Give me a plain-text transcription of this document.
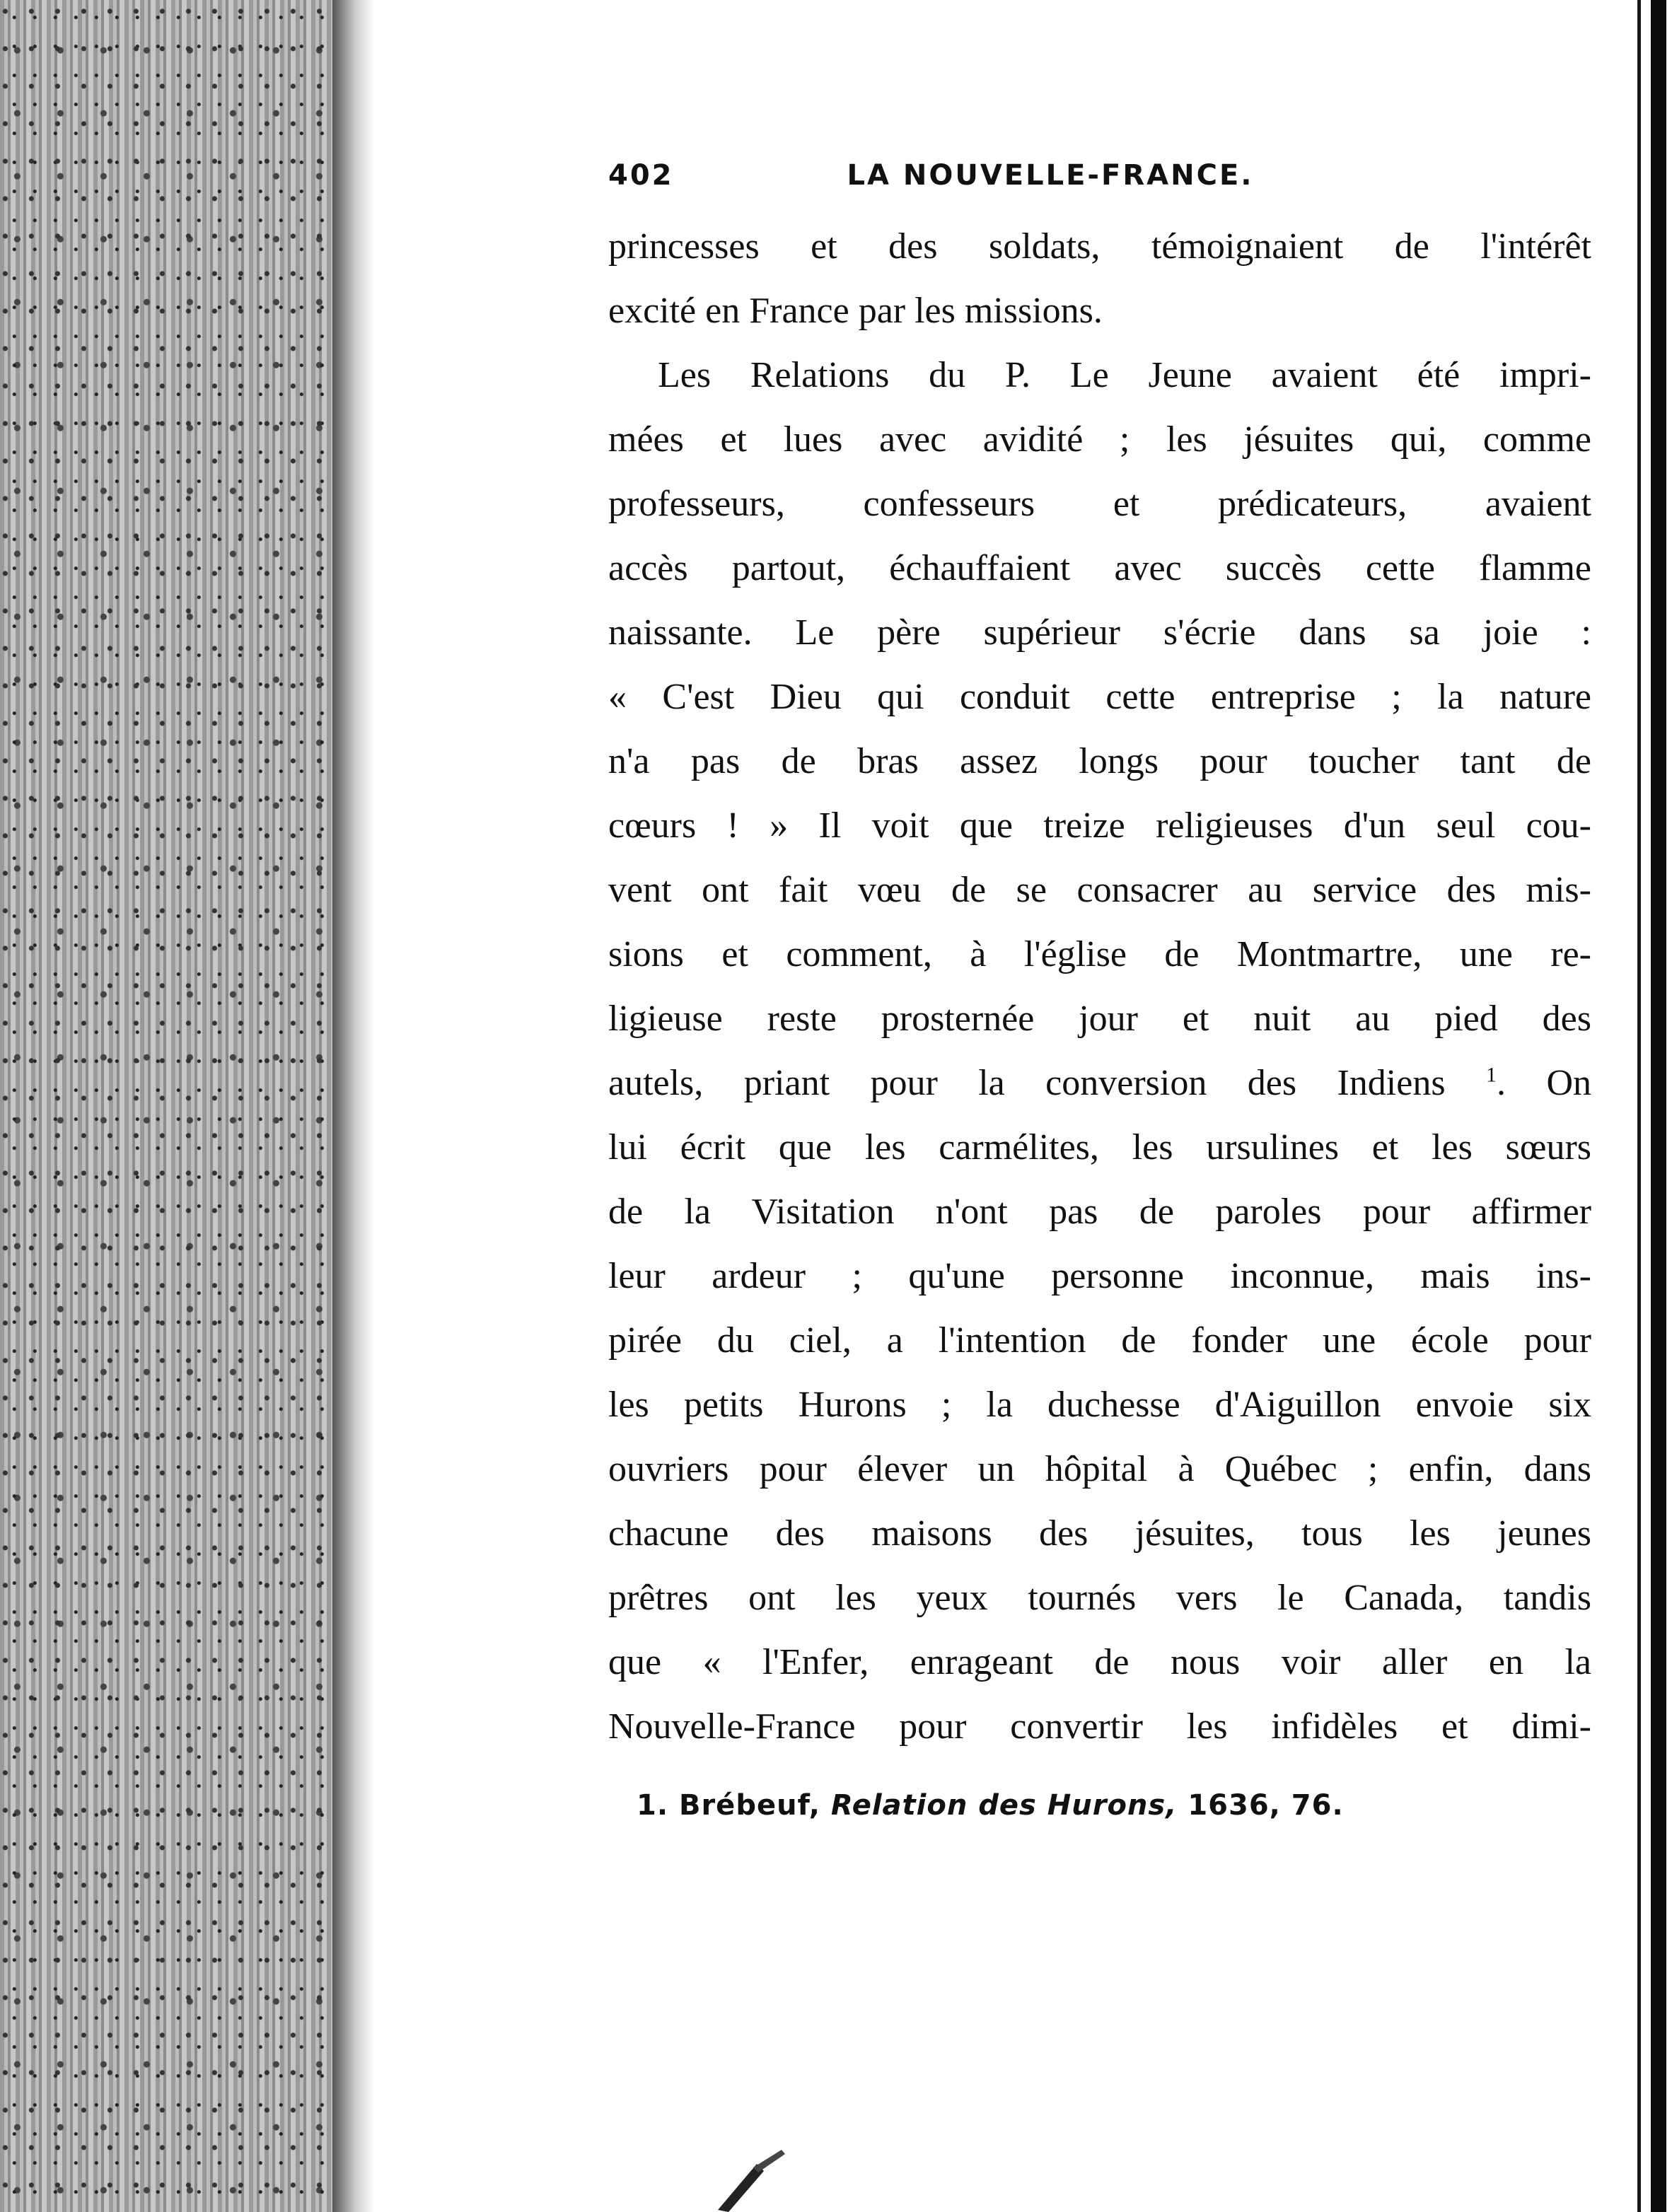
402	LA NOUVELLE-FRANCE.

princesses et des soldats, témoignaient de l'intérêt
excité en France par les missions.

Les Relations du P. Le Jeune avaient été impri-
mées et lues avec avidité ; les jésuites qui, comme
professeurs, confesseurs et prédicateurs, avaient
accès partout, échauffaient avec succès cette flamme
naissante. Le père supérieur s'écrie dans sa joie :
« C'est Dieu qui conduit cette entreprise ; la nature
n'a pas de bras assez longs pour toucher tant de
cœurs ! » Il voit que treize religieuses d'un seul cou-
vent ont fait vœu de se consacrer au service des mis-
sions et comment, à l'église de Montmartre, une re-
ligieuse reste prosternée jour et nuit au pied des
autels, priant pour la conversion des Indiens $^1$. On
lui écrit que les carmélites, les ursulines et les sœurs
de la Visitation n'ont pas de paroles pour affirmer
leur ardeur ; qu'une personne inconnue, mais ins-
pirée du ciel, a l'intention de fonder une école pour
les petits Hurons ; la duchesse d'Aiguillon envoie six
ouvriers pour élever un hôpital à Québec ; enfin, dans
chacune des maisons des jésuites, tous les jeunes
prêtres ont les yeux tournés vers le Canada, tandis
que « l'Enfer, enrageant de nous voir aller en la
Nouvelle-France pour convertir les infidèles et dimi-

1. Brébeuf, Relation des Hurons, 1636, 76.
